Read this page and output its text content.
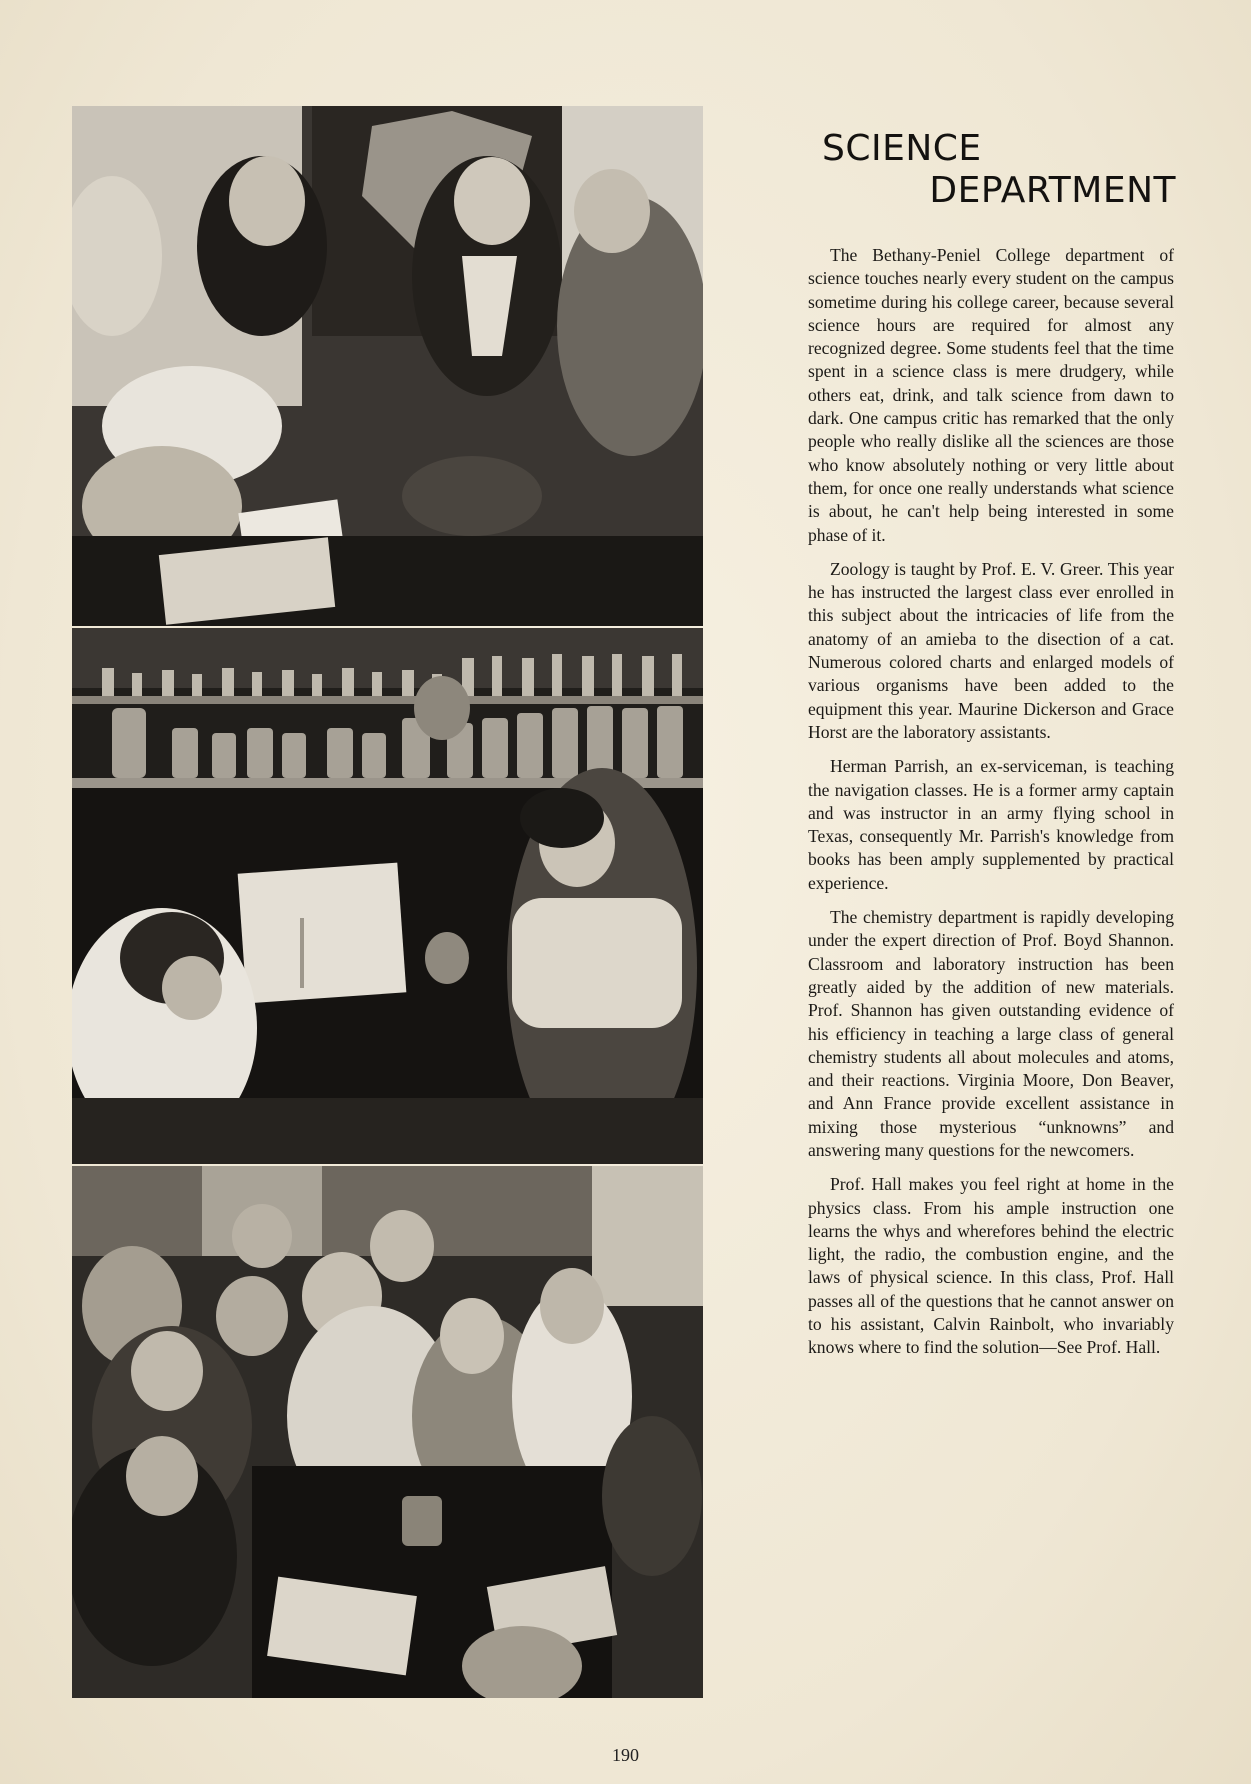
SCIENCE
DEPARTMENT

The Bethany-Peniel College department of science touches nearly every student on the campus sometime during his college career, because several science hours are required for almost any recognized degree. Some students feel that the time spent in a science class is mere drudgery, while others eat, drink, and talk science from dawn to dark. One campus critic has remarked that the only people who really dislike all the sciences are those who know absolutely nothing or very little about them, for once one really understands what science is about, he can't help being interested in some phase of it.

Zoology is taught by Prof. E. V. Greer. This year he has instructed the largest class ever enrolled in this subject about the intricacies of life from the anatomy of an amieba to the disection of a cat. Numerous colored charts and enlarged models of various organisms have been added to the equipment this year. Maurine Dickerson and Grace Horst are the laboratory assistants.

Herman Parrish, an ex-serviceman, is teaching the navigation classes. He is a former army captain and was instructor in an army flying school in Texas, consequently Mr. Parrish's knowledge from books has been amply supplemented by practical experience.

The chemistry department is rapidly developing under the expert direction of Prof. Boyd Shannon. Classroom and laboratory instruction has been greatly aided by the addition of new materials. Prof. Shannon has given outstanding evidence of his efficiency in teaching a large class of general chemistry students all about molecules and atoms, and their reactions. Virginia Moore, Don Beaver, and Ann France provide excellent assistance in mixing those mysterious “unknowns” and answering many questions for the newcomers.

Prof. Hall makes you feel right at home in the physics class. From his ample instruction one learns the whys and wherefores behind the electric light, the radio, the combustion engine, and the laws of physical science. In this class, Prof. Hall passes all of the questions that he cannot answer on to his assistant, Calvin Rainbolt, who invariably knows where to find the solution—See Prof. Hall.

190
